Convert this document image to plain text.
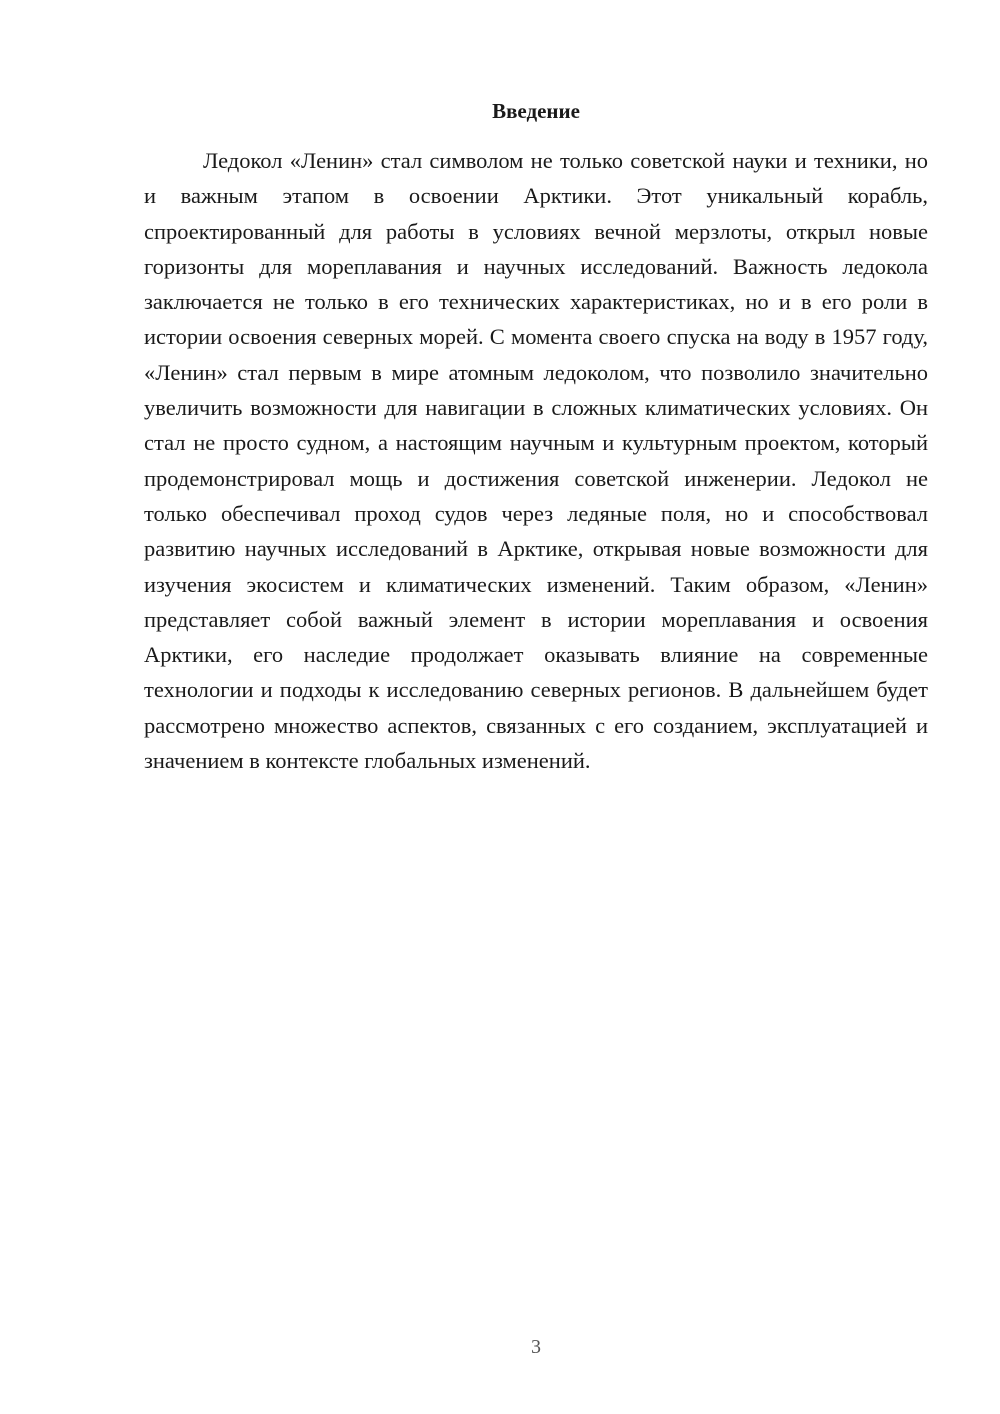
Введение

Ледокол «Ленин» стал символом не только советской науки и техники, но и важным этапом в освоении Арктики. Этот уникальный корабль, спроектированный для работы в условиях вечной мерзлоты, открыл новые горизонты для мореплавания и научных исследований. Важность ледокола заключается не только в его технических характеристиках, но и в его роли в истории освоения северных морей. С момента своего спуска на воду в 1957 году, «Ленин» стал первым в мире атомным ледоколом, что позволило значительно увеличить возможности для навигации в сложных климатических условиях. Он стал не просто судном, а настоящим научным и культурным проектом, который продемонстрировал мощь и достижения советской инженерии. Ледокол не только обеспечивал проход судов через ледяные поля, но и способствовал развитию научных исследований в Арктике, открывая новые возможности для изучения экосистем и климатических изменений. Таким образом, «Ленин» представляет собой важный элемент в истории мореплавания и освоения Арктики, его наследие продолжает оказывать влияние на современные технологии и подходы к исследованию северных регионов. В дальнейшем будет рассмотрено множество аспектов, связанных с его созданием, эксплуатацией и значением в контексте глобальных изменений.

3
